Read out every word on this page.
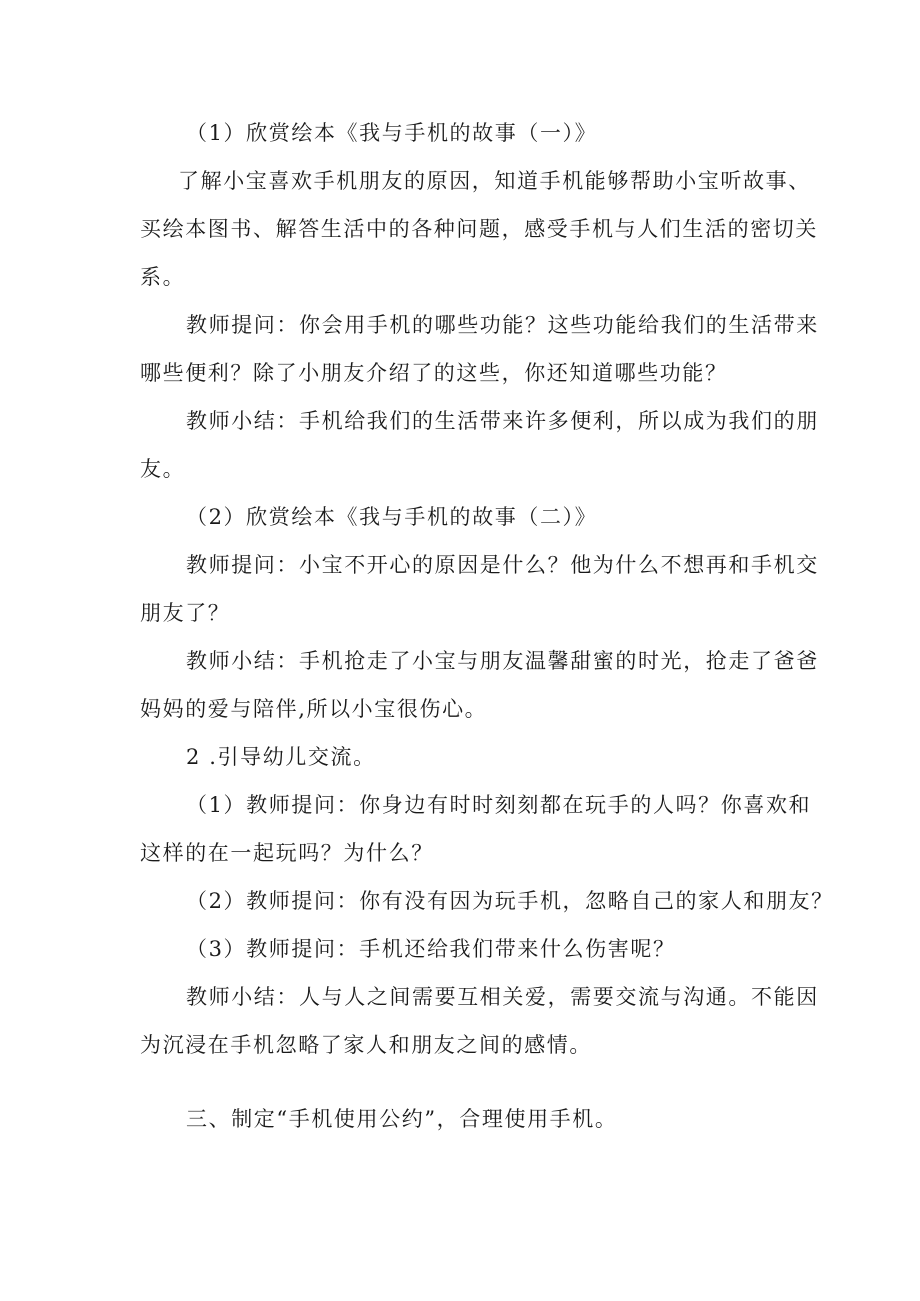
（1）欣赏绘本《我与手机的故事（一）》
了解小宝喜欢手机朋友的原因，知道手机能够帮助小宝听故事、
买绘本图书、解答生活中的各种问题，感受手机与人们生活的密切关
系。
教师提问：你会用手机的哪些功能？这些功能给我们的生活带来
哪些便利？除了小朋友介绍了的这些，你还知道哪些功能？
教师小结：手机给我们的生活带来许多便利，所以成为我们的朋
友。
（2）欣赏绘本《我与手机的故事（二）》
教师提问：小宝不开心的原因是什么？他为什么不想再和手机交
朋友了？
教师小结：手机抢走了小宝与朋友温馨甜蜜的时光，抢走了爸爸
妈妈的爱与陪伴,所以小宝很伤心。
2 .引导幼儿交流。
（1）教师提问：你身边有时时刻刻都在玩手的人吗？你喜欢和
这样的在一起玩吗？为什么？
（2）教师提问：你有没有因为玩手机，忽略自己的家人和朋友？
（3）教师提问：手机还给我们带来什么伤害呢？
教师小结：人与人之间需要互相关爱，需要交流与沟通。不能因
为沉浸在手机忽略了家人和朋友之间的感情。
三、制定“手机使用公约”，合理使用手机。
